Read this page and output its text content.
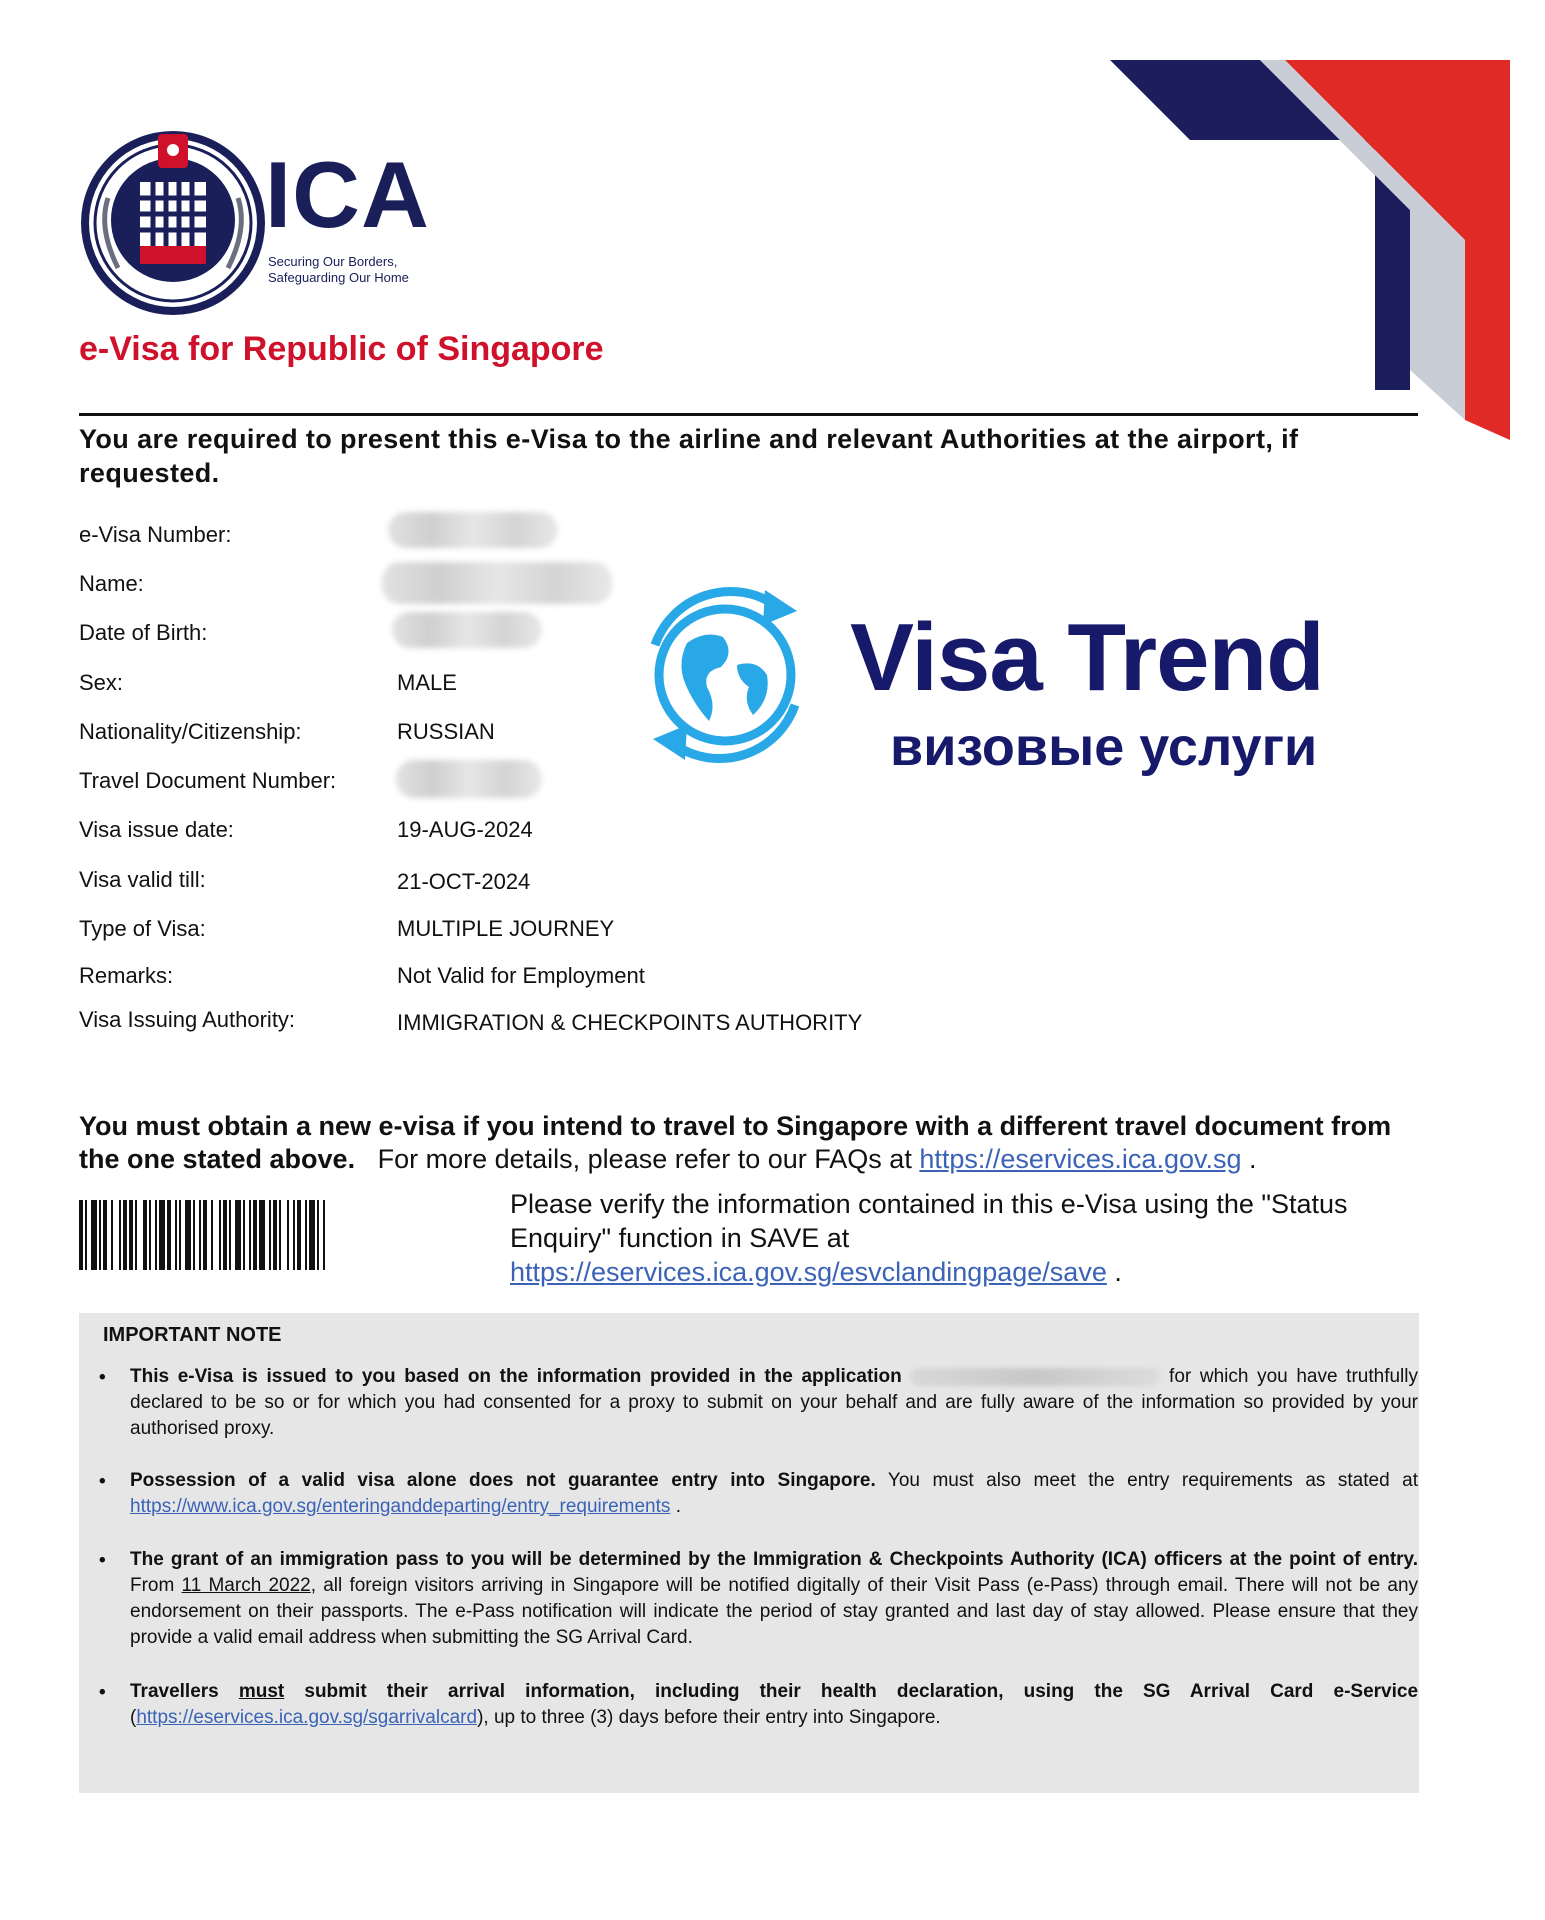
ICA
Securing Our Borders,
Safeguarding Our Home
e-Visa for Republic of Singapore
You are required to present this e-Visa to the airline and relevant Authorities at the airport, if requested.
e-Visa Number:
Name:
Date of Birth:
Sex:	MALE
Nationality/Citizenship:	RUSSIAN
Travel Document Number:
Visa issue date:	19-AUG-2024
Visa valid till:	21-OCT-2024
Type of Visa:	MULTIPLE JOURNEY
Remarks:	Not Valid for Employment
Visa Issuing Authority:	IMMIGRATION & CHECKPOINTS AUTHORITY
Visa Trend
визовые услуги
You must obtain a new e-visa if you intend to travel to Singapore with a different travel document from the one stated above. For more details, please refer to our FAQs at https://eservices.ica.gov.sg .
Please verify the information contained in this e-Visa using the "Status Enquiry" function in SAVE at
https://eservices.ica.gov.sg/esvclandingpage/save .
IMPORTANT NOTE
• This e-Visa is issued to you based on the information provided in the application	for which you have truthfully declared to be so or for which you had consented for a proxy to submit on your behalf and are fully aware of the information so provided by your authorised proxy.
• Possession of a valid visa alone does not guarantee entry into Singapore. You must also meet the entry requirements as stated at https://www.ica.gov.sg/enteringanddeparting/entry_requirements .
• The grant of an immigration pass to you will be determined by the Immigration & Checkpoints Authority (ICA) officers at the point of entry. From 11 March 2022, all foreign visitors arriving in Singapore will be notified digitally of their Visit Pass (e-Pass) through email. There will not be any endorsement on their passports. The e-Pass notification will indicate the period of stay granted and last day of stay allowed. Please ensure that they provide a valid email address when submitting the SG Arrival Card.
• Travellers must submit their arrival information, including their health declaration, using the SG Arrival Card e-Service (https://eservices.ica.gov.sg/sgarrivalcard), up to three (3) days before their entry into Singapore.
